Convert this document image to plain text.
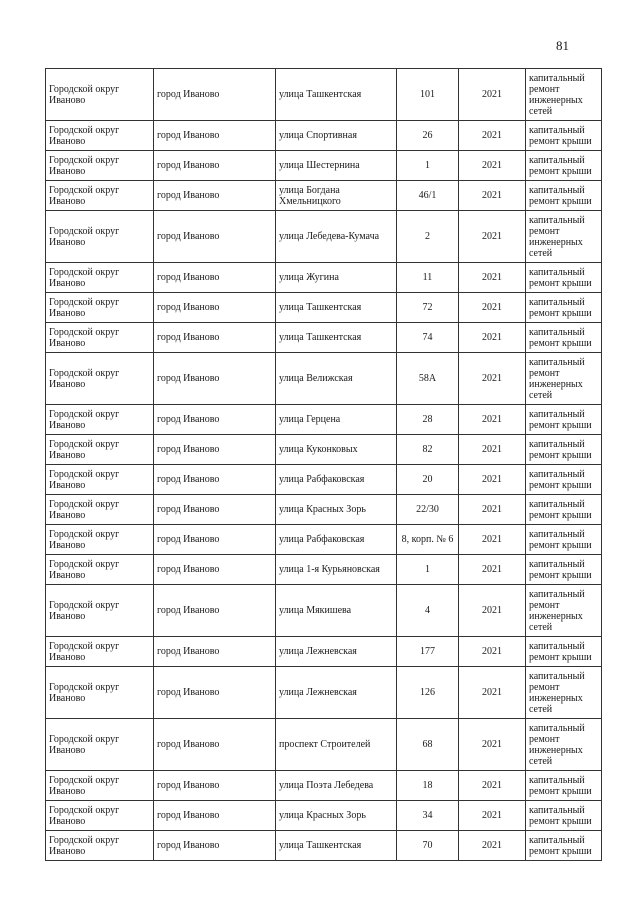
81
Городской округ Иваново	город Иваново	улица Ташкентская	101	2021	капитальный ремонт инженерных сетей
Городской округ Иваново	город Иваново	улица Спортивная	26	2021	капитальный ремонт крыши
Городской округ Иваново	город Иваново	улица Шестернина	1	2021	капитальный ремонт крыши
Городской округ Иваново	город Иваново	улица Богдана Хмельницкого	46/1	2021	капитальный ремонт крыши
Городской округ Иваново	город Иваново	улица Лебедева-Кумача	2	2021	капитальный ремонт инженерных сетей
Городской округ Иваново	город Иваново	улица Жугина	11	2021	капитальный ремонт крыши
Городской округ Иваново	город Иваново	улица Ташкентская	72	2021	капитальный ремонт крыши
Городской округ Иваново	город Иваново	улица Ташкентская	74	2021	капитальный ремонт крыши
Городской округ Иваново	город Иваново	улица Велижская	58А	2021	капитальный ремонт инженерных сетей
Городской округ Иваново	город Иваново	улица Герцена	28	2021	капитальный ремонт крыши
Городской округ Иваново	город Иваново	улица Куконковых	82	2021	капитальный ремонт крыши
Городской округ Иваново	город Иваново	улица Рабфаковская	20	2021	капитальный ремонт крыши
Городской округ Иваново	город Иваново	улица Красных Зорь	22/30	2021	капитальный ремонт крыши
Городской округ Иваново	город Иваново	улица Рабфаковская	8, корп. № 6	2021	капитальный ремонт крыши
Городской округ Иваново	город Иваново	улица 1-я Курьяновская	1	2021	капитальный ремонт крыши
Городской округ Иваново	город Иваново	улица Мякишева	4	2021	капитальный ремонт инженерных сетей
Городской округ Иваново	город Иваново	улица Лежневская	177	2021	капитальный ремонт крыши
Городской округ Иваново	город Иваново	улица Лежневская	126	2021	капитальный ремонт инженерных сетей
Городской округ Иваново	город Иваново	проспект Строителей	68	2021	капитальный ремонт инженерных сетей
Городской округ Иваново	город Иваново	улица Поэта Лебедева	18	2021	капитальный ремонт крыши
Городской округ Иваново	город Иваново	улица Красных Зорь	34	2021	капитальный ремонт крыши
Городской округ Иваново	город Иваново	улица Ташкентская	70	2021	капитальный ремонт крыши
